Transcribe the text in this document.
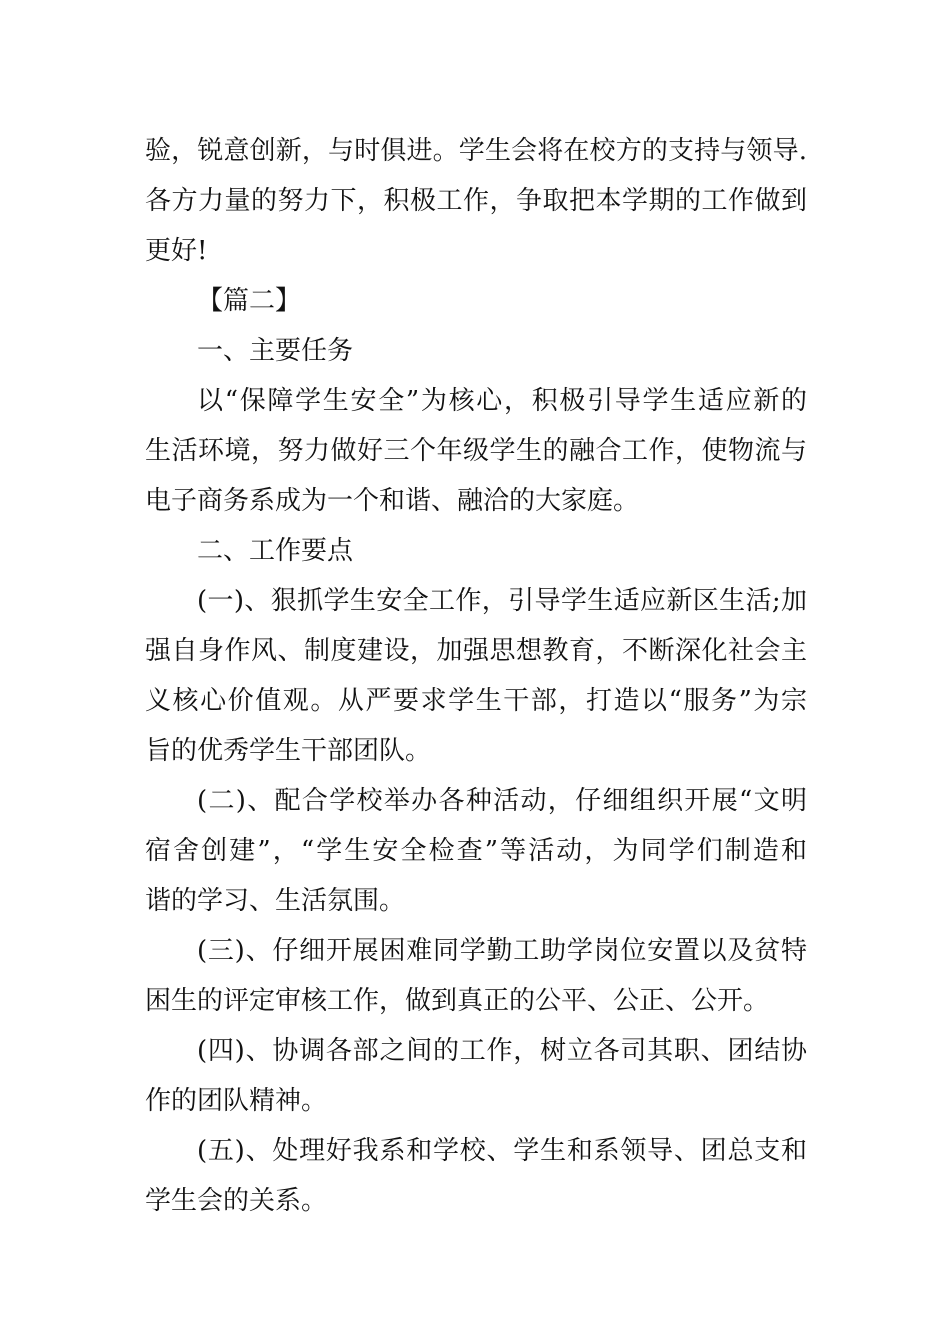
验，锐意创新，与时俱进。学生会将在校方的支持与领导.
各方力量的努力下，积极工作，争取把本学期的工作做到
更好!

【篇二】

一、主要任务

以“保障学生安全”为核心，积极引导学生适应新的
生活环境，努力做好三个年级学生的融合工作，使物流与
电子商务系成为一个和谐、融洽的大家庭。

二、工作要点

(一)、狠抓学生安全工作，引导学生适应新区生活;加
强自身作风、制度建设，加强思想教育，不断深化社会主
义核心价值观。从严要求学生干部，打造以“服务”为宗
旨的优秀学生干部团队。

(二)、配合学校举办各种活动，仔细组织开展“文明
宿舍创建”，“学生安全检查”等活动，为同学们制造和
谐的学习、生活氛围。

(三)、仔细开展困难同学勤工助学岗位安置以及贫特
困生的评定审核工作，做到真正的公平、公正、公开。

(四)、协调各部之间的工作，树立各司其职、团结协
作的团队精神。

(五)、处理好我系和学校、学生和系领导、团总支和
学生会的关系。
